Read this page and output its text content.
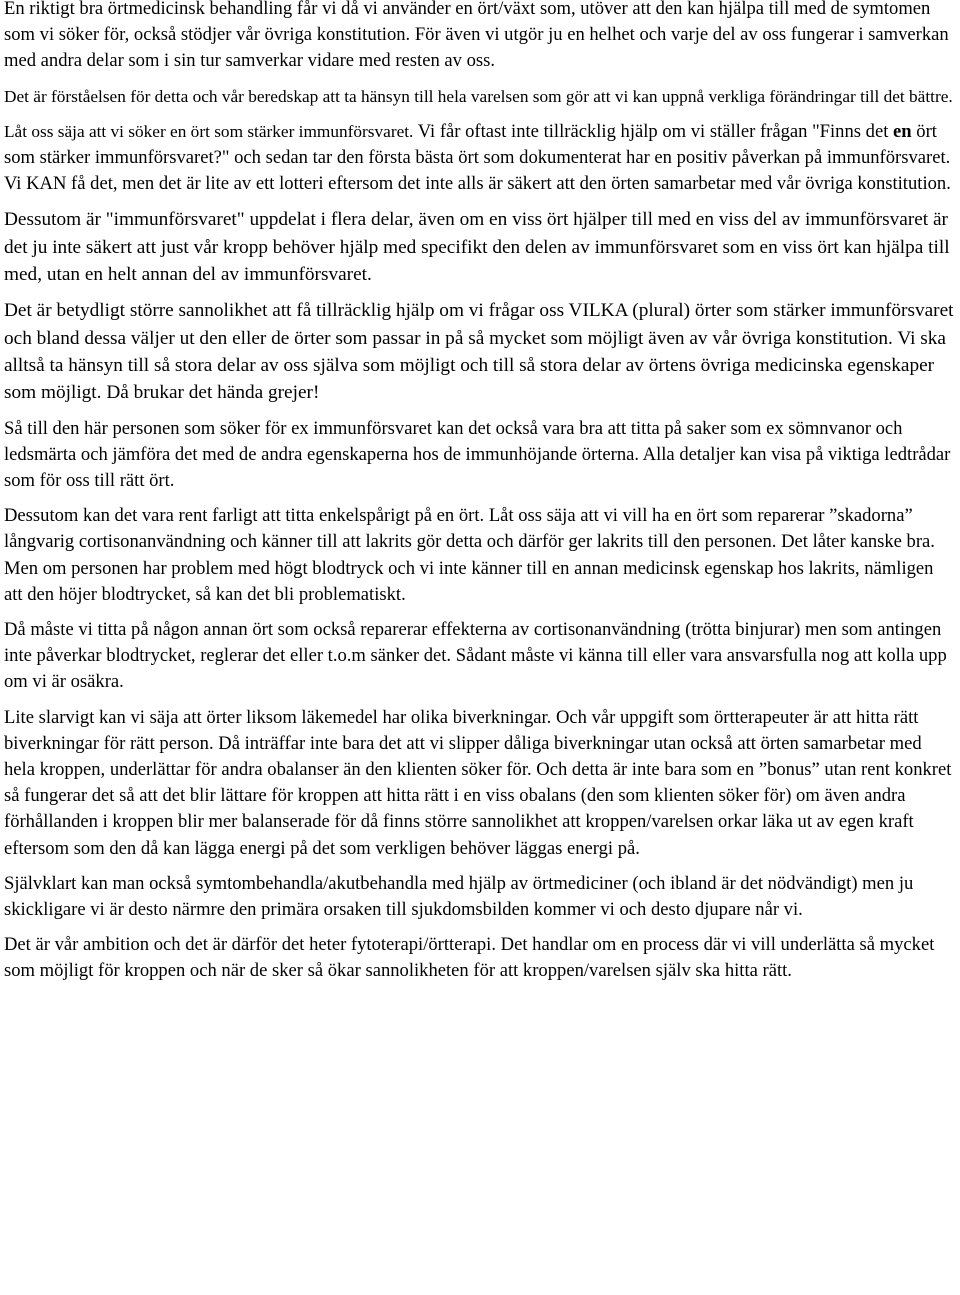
En riktigt bra örtmedicinsk behandling får vi då vi använder en ört/växt som, utöver att den kan hjälpa till med de symtomen som vi söker för, också stödjer vår övriga konstitution. För även vi utgör ju en helhet och varje del av oss fungerar i samverkan med andra delar som i sin tur samverkar vidare med resten av oss.

Det är förståelsen för detta och vår beredskap att ta hänsyn till hela varelsen som gör att vi kan uppnå verkliga förändringar till det bättre.

Låt oss säja att vi söker en ört som stärker immunförsvaret. Vi får oftast inte tillräcklig hjälp om vi ställer frågan "Finns det en ört som stärker immunförsvaret?" och sedan tar den första bästa ört som dokumenterat har en positiv påverkan på immunförsvaret. Vi KAN få det, men det är lite av ett lotteri eftersom det inte alls är säkert att den örten samarbetar med vår övriga konstitution.

Dessutom är "immunförsvaret" uppdelat i flera delar, även om en viss ört hjälper till med en viss del av immunförsvaret är det ju inte säkert att just vår kropp behöver hjälp med specifikt den delen av immunförsvaret som en viss ört kan hjälpa till med, utan en helt annan del av immunförsvaret.

Det är betydligt större sannolikhet att få tillräcklig hjälp om vi frågar oss VILKA (plural) örter som stärker immunförsvaret och bland dessa väljer ut den eller de örter som passar in på så mycket som möjligt även av vår övriga konstitution. Vi ska alltså ta hänsyn till så stora delar av oss själva som möjligt och till så stora delar av örtens övriga medicinska egenskaper som möjligt. Då brukar det hända grejer!

Så till den här personen som söker för ex immunförsvaret kan det också vara bra att titta på saker som ex sömnvanor och ledsmärta och jämföra det med de andra egenskaperna hos de immunhöjande örterna. Alla detaljer kan visa på viktiga ledtrådar som för oss till rätt ört.

Dessutom kan det vara rent farligt att titta enkelspårigt på en ört. Låt oss säja att vi vill ha en ört som reparerar ”skadorna” långvarig cortisonanvändning och känner till att lakrits gör detta och därför ger lakrits till den personen. Det låter kanske bra. Men om personen har problem med högt blodtryck och vi inte känner till en annan medicinsk egenskap hos lakrits, nämligen att den höjer blodtrycket, så kan det bli problematiskt.

Då måste vi titta på någon annan ört som också reparerar effekterna av cortisonanvändning (trötta binjurar) men som antingen inte påverkar blodtrycket, reglerar det eller t.o.m sänker det. Sådant måste vi känna till eller vara ansvarsfulla nog att kolla upp om vi är osäkra.

Lite slarvigt kan vi säja att örter liksom läkemedel har olika biverkningar. Och vår uppgift som örtterapeuter är att hitta rätt biverkningar för rätt person. Då inträffar inte bara det att vi slipper dåliga biverkningar utan också att örten samarbetar med hela kroppen, underlättar för andra obalanser än den klienten söker för. Och detta är inte bara som en ”bonus” utan rent konkret så fungerar det så att det blir lättare för kroppen att hitta rätt i en viss obalans (den som klienten söker för) om även andra förhållanden i kroppen blir mer balanserade för då finns större sannolikhet att kroppen/varelsen orkar läka ut av egen kraft eftersom som den då kan lägga energi på det som verkligen behöver läggas energi på.

Självklart kan man också symtombehandla/akutbehandla med hjälp av örtmediciner (och ibland är det nödvändigt) men ju skickligare vi är desto närmre den primära orsaken till sjukdomsbilden kommer vi och desto djupare når vi.

Det är vår ambition och det är därför det heter fytoterapi/örtterapi. Det handlar om en process där vi vill underlätta så mycket som möjligt för kroppen och när de sker så ökar sannolikheten för att kroppen/varelsen själv ska hitta rätt.
